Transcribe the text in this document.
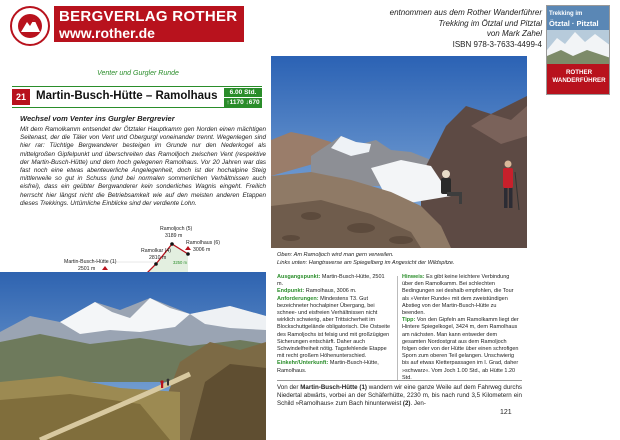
BERGVERLAG ROTHER
www.rother.de
entnommen aus dem Rother Wanderführer
Trekking im Ötztal und Pitztal
von Mark Zahel
ISBN 978-3-7633-4499-4
Trekking im
Ötztal · Pitztal
ROTHER WANDERFÜHRER
Venter und Gurgler Runde
21 Martin-Busch-Hütte – Ramolhaus	6.00 Std.
↑1170 ↓670
Wechsel vom Venter ins Gurgler Bergrevier
Mit dem Ramolkamm entsendet der Ötztaler Hauptkamm gen Norden einen mächtigen Seitenast, der die Täler von Vent und Obergurgl voneinander trennt. Wegenlegen sind hier rar: Tüchtige Bergwanderer besteigen im Grunde nur den Nederkogel als mittelgroßen Gipfelpunkt und überschreiten das Ramolljoch zwischen Vent (respektive der Martin-Busch-Hütte) und dem hoch gelegenen Ramolhaus. Vor 20 Jahren war das fast noch eine etwas abenteuerliche Angelegenheit, doch ist der hochalpine Steig mittlerweile so gut in Schuss (und bei normalen sommerlichen Verhältnissen auch eisfrei), dass ein geübter Bergwanderer kein sonderliches Wagnis eingeht. Freilich herrscht hier längst nicht die Betriebsamkeit wie auf den meisten anderen Etappen dieses Trekkings. Urtümliche Einblicke sind der verdiente Lohn.
Martin-Busch-Hütte (1)
2501 m
Ramolkar (4)
2810 m
Ramoljoch (5)
3189 m
Ramolhaus (6)
3006 m
3250 m
Oben: Am Ramoljoch wird man gern verweilen.
Links unten: Hangtraverse am Spiegelberg im Angesicht der Wildspitze.
Ausgangspunkt: Martin-Busch-Hütte, 2501 m.
Endpunkt: Ramolhaus, 3006 m.
Anforderungen: Mindestens T3. Gut bezeichneter hochalpiner Übergang, bei schnee- und eisfreien Verhältnissen nicht wirklich schwierig, aber Trittsicherheit im Blockschuttgelände obligatorisch. Die Ostseite des Ramoljochs ist felsig und mit großzügigen Sicherungen entschärft. Daher auch Schwindelfreiheit nötig. Tagsfehlende Etappe mit recht großem Höhenunterschied.
Einkehr/Unterkunft: Martin-Busch-Hütte, Ramolhaus.
Hinweis: Es gibt keine leichtere Verbindung über den Ramolkamm. Bei schlechten Bedingungen sei deshalb empfohlen, die Tour als »Venter Runde« mit dem zweistündigen Abstieg von der Martin-Busch-Hütte zu beenden.
Tipp: Von den Gipfeln am Ramolkamm liegt der Hintere Spiegelkogel, 3424 m, dem Ramolhaus am nächsten. Man kann entweder dem gesamten Nordostgrat aus dem Ramoljoch folgen oder von der Hütte über einen schrofigen Sporn zum oberen Teil gelangen. Unschwierig bis auf etwas Kletterpassagen im I. Grad, daher »schwarz«. Vom Joch 1.00 Std., ab Hütte 1.20 Std.
Von der Martin-Busch-Hütte (1) wandern wir eine ganze Weile auf dem Fahrweg durchs Niedertal abwärts, vorbei an der Schäferhütte, 2230 m, bis nach rund 3,5 Kilometern ein Schild »Ramolhaus« zum Bach hinunterweist (2). Jen-
121
